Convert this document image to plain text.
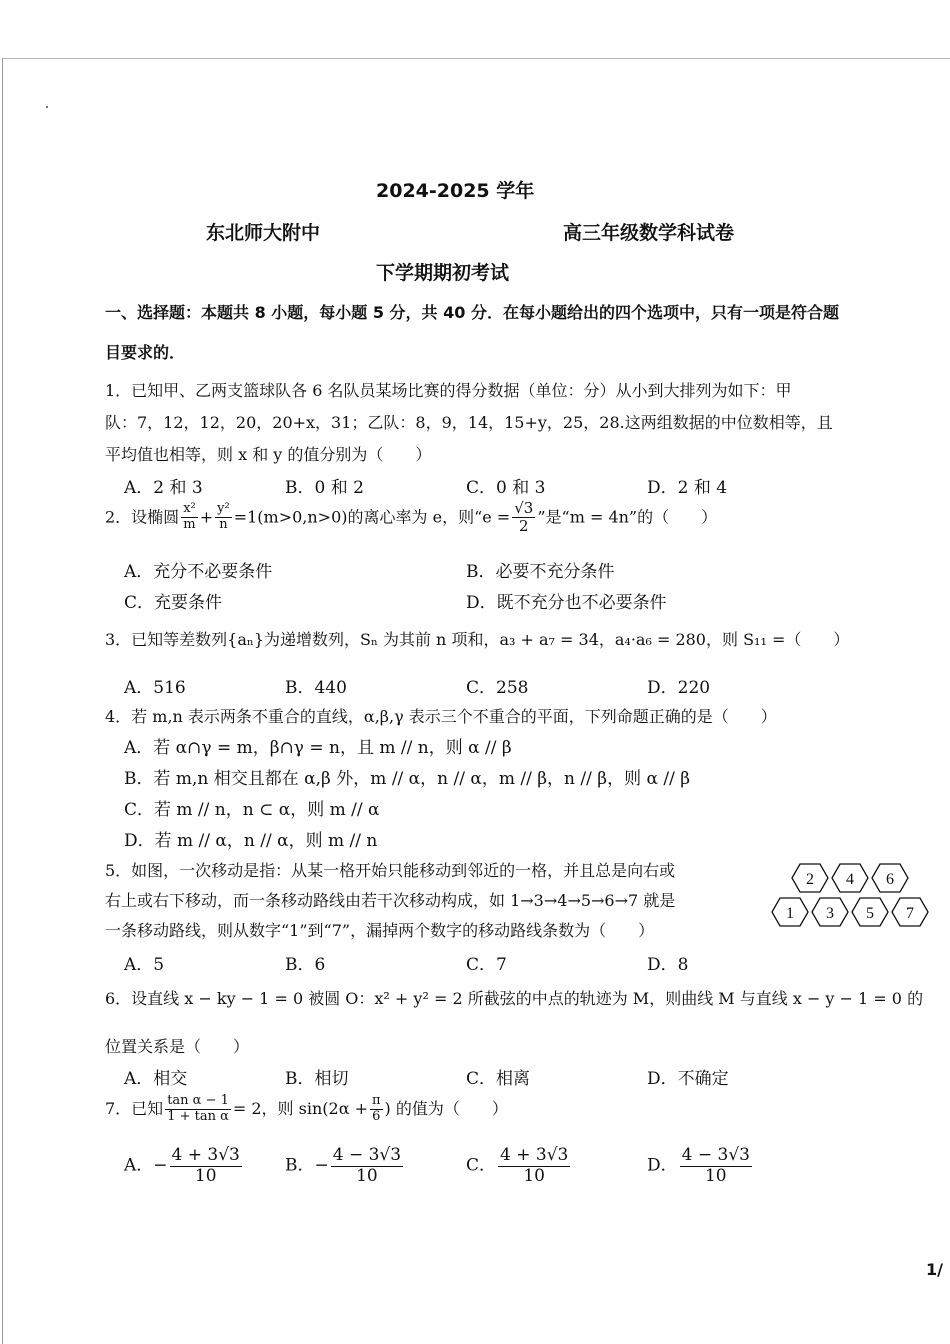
2024-2025 学年
东北师大附中	高三年级数学科试卷
下学期期初考试
一、选择题：本题共 8 小题，每小题 5 分，共 40 分．在每小题给出的四个选项中，只有一项是符合题
目要求的．
1．已知甲、乙两支篮球队各 6 名队员某场比赛的得分数据（单位：分）从小到大排列为如下：甲
队：7，12，12，20，20+x，31；乙队：8，9，14，15+y，25，28.这两组数据的中位数相等，且
平均值也相等，则 x 和 y 的值分别为（　　）
A．2 和 3	B．0 和 2	C．0 和 3	D．2 和 4
2．设椭圆 $\frac{\text{x²}}{m} + \frac{\text{y²}}{n} =1(m>0,n>0)$的离心率为 e，则“$e = \frac{√3}{2}$ ”是“m = 4n”的（　　）
A．充分不必要条件	B．必要不充分条件
C．充要条件	D．既不充分也不必要条件
3．已知等差数列{aₙ}为递增数列，Sₙ 为其前 n 项和，a₃ + a₇ = 34，a₄·a₆ = 280，则 S₁₁ =（　　）
A．516	B．440	C．258	D．220
4．若 m,n 表示两条不重合的直线，α,β,γ 表示三个不重合的平面，下列命题正确的是（　　）
A．若 α∩γ = m，β∩γ = n，且 m // n，则 α // β
B．若 m,n 相交且都在 α,β 外，m // α，n // α，m // β，n // β，则 α // β
C．若 m // n，n ⊂ α，则 m // α
D．若 m // α，n // α，则 m // n
5．如图，一次移动是指：从某一格开始只能移动到邻近的一格，并且总是向右或
右上或右下移动，而一条移动路线由若干次移动构成，如 1→3→4→5→6→7 就是
一条移动路线，则从数字“1”到“7”，漏掉两个数字的移动路线条数为（　　）
A．5	B．6	C．7	D．8
2 4 6
1 3 5 7
6．设直线 x − ky − 1 = 0 被圆 O：x² + y² = 2 所截弦的中点的轨迹为 M，则曲线 M 与直线 x − y − 1 = 0 的
位置关系是（　　）
A．相交	B．相切	C．相离	D．不确定
7．已知 $\frac{\text{tan α − 1}}{\text{1 + tan α}} = 2$，则 $\sin(2\alpha + \frac{\pi}{6}$ ) 的值为（　　）
A．− $\frac{4 + 3√3}{10}$	B．− $\frac{4 - 3√3}{10}$	C． $\frac{4 + 3√3}{10}$	D． $\frac{4 - 3√3}{10}$
1/
